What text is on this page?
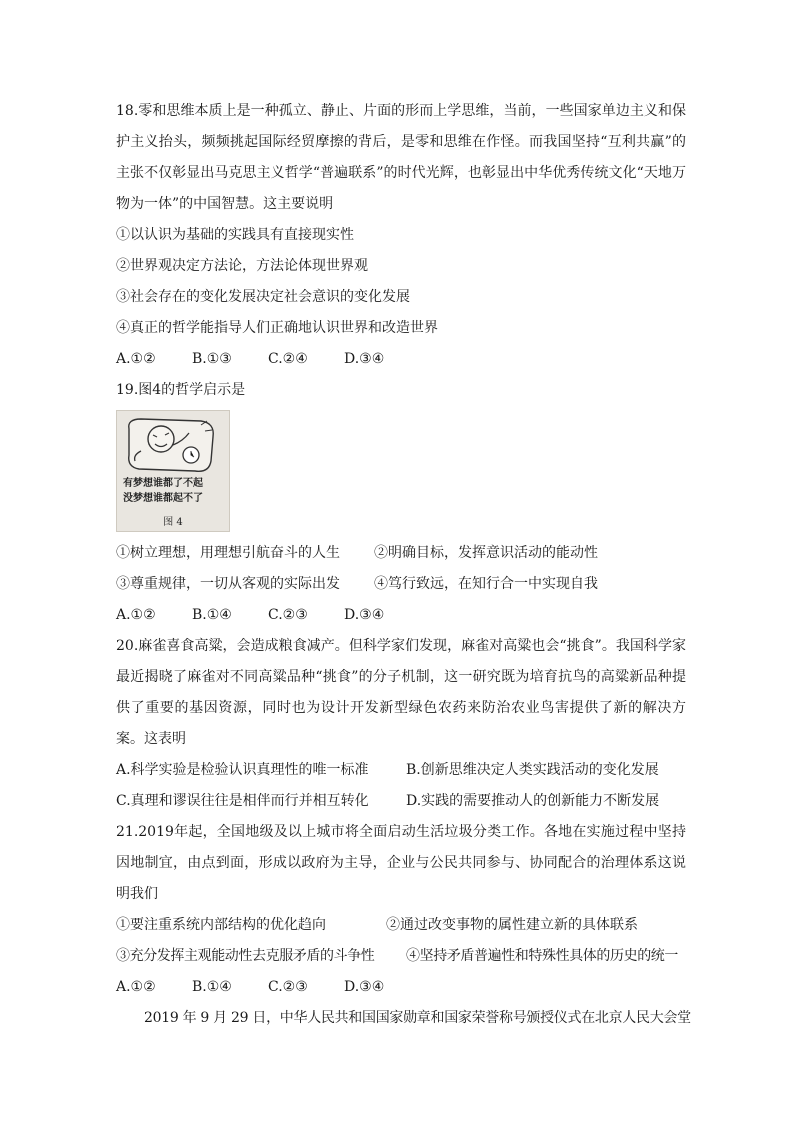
18.零和思维本质上是一种孤立、静止、片面的形而上学思维，当前，一些国家单边主义和保护主义抬头，频频挑起国际经贸摩擦的背后，是零和思维在作怪。而我国坚持“互利共赢”的主张不仅彰显出马克思主义哲学“普遍联系”的时代光辉，也彰显出中华优秀传统文化“天地万物为一体”的中国智慧。这主要说明

①以认识为基础的实践具有直接现实性

②世界观决定方法论，方法论体现世界观

③社会存在的变化发展决定社会意识的变化发展

④真正的哲学能指导人们正确地认识世界和改造世界

A.①②	B.①③	C.②④	D.③④

19.图4的哲学启示是

有梦想谁都了不起
没梦想谁都起不了
图 4
①树立理想，用理想引航奋斗的人生	②明确目标，发挥意识活动的能动性
③尊重规律，一切从客观的实际出发	④笃行致远，在知行合一中实现自我
A.①②	B.①④	C.②③	D.③④

20.麻雀喜食高粱，会造成粮食减产。但科学家们发现，麻雀对高粱也会“挑食”。我国科学家最近揭晓了麻雀对不同高粱品种“挑食”的分子机制，这一研究既为培育抗鸟的高粱新品种提供了重要的基因资源，同时也为设计开发新型绿色农药来防治农业鸟害提供了新的解决方案。这表明

A.科学实验是检验认识真理性的唯一标准	B.创新思维决定人类实践活动的变化发展
C.真理和谬误往往是相伴而行并相互转化	D.实践的需要推动人的创新能力不断发展

21.2019年起，全国地级及以上城市将全面启动生活垃圾分类工作。各地在实施过程中坚持因地制宜，由点到面，形成以政府为主导，企业与公民共同参与、协同配合的治理体系这说明我们

①要注重系统内部结构的优化趋向	②通过改变事物的属性建立新的具体联系
③充分发挥主观能动性去克服矛盾的斗争性	④坚持矛盾普遍性和特殊性具体的历史的统一
A.①②	B.①④	C.②③	D.③④

2019 年 9 月 29 日，中华人民共和国国家勋章和国家荣誉称号颁授仪式在北京人民大会堂
